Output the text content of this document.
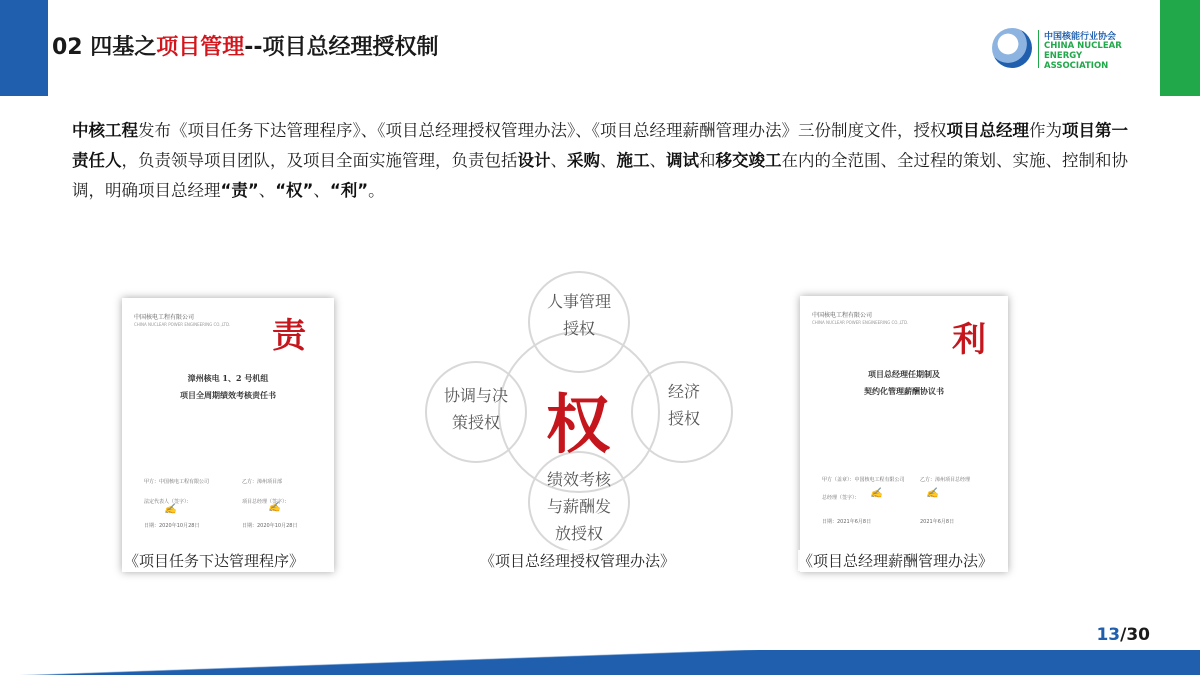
02 四基之项目管理--项目总经理授权制	中国核能行业协会
CHINA NUCLEAR ENERGY ASSOCIATION
中核工程发布《项目任务下达管理程序》、《项目总经理授权管理办法》、《项目总经理薪酬管理办法》三份制度文件，授权项目总经理作为项目第一责任人，负责领导项目团队，及项目全面实施管理，负责包括设计、采购、施工、调试和移交竣工在内的全范围、全过程的策划、实施、控制和协调，明确项目总经理“责”、“权”、“利”。
中国核电工程有限公司
CHINA NUCLEAR POWER ENGINEERING CO.,LTD. 责
漳州核电 1、2 号机组
项目全周期绩效考核责任书
甲方：中国核电工程有限公司	乙方：漳州项目部
法定代表人（签字）：	项目总经理（签字）：
✍	✍
日期：2020年10月28日	日期：2020年10月28日
《项目任务下达管理程序》
人事管理
授权
协调与决
策授权
经济
授权
绩效考核
与薪酬发
放授权
权
《项目总经理授权管理办法》
中国核电工程有限公司
CHINA NUCLEAR POWER ENGINEERING CO.,LTD. 利
项目总经理任期制及
契约化管理薪酬协议书
甲方（盖章）：中国核电工程有限公司	乙方：漳州项目总经理
总经理（签字）： ✍	✍
日期：2021年6月8日	2021年6月8日
《项目总经理薪酬管理办法》
13/30
